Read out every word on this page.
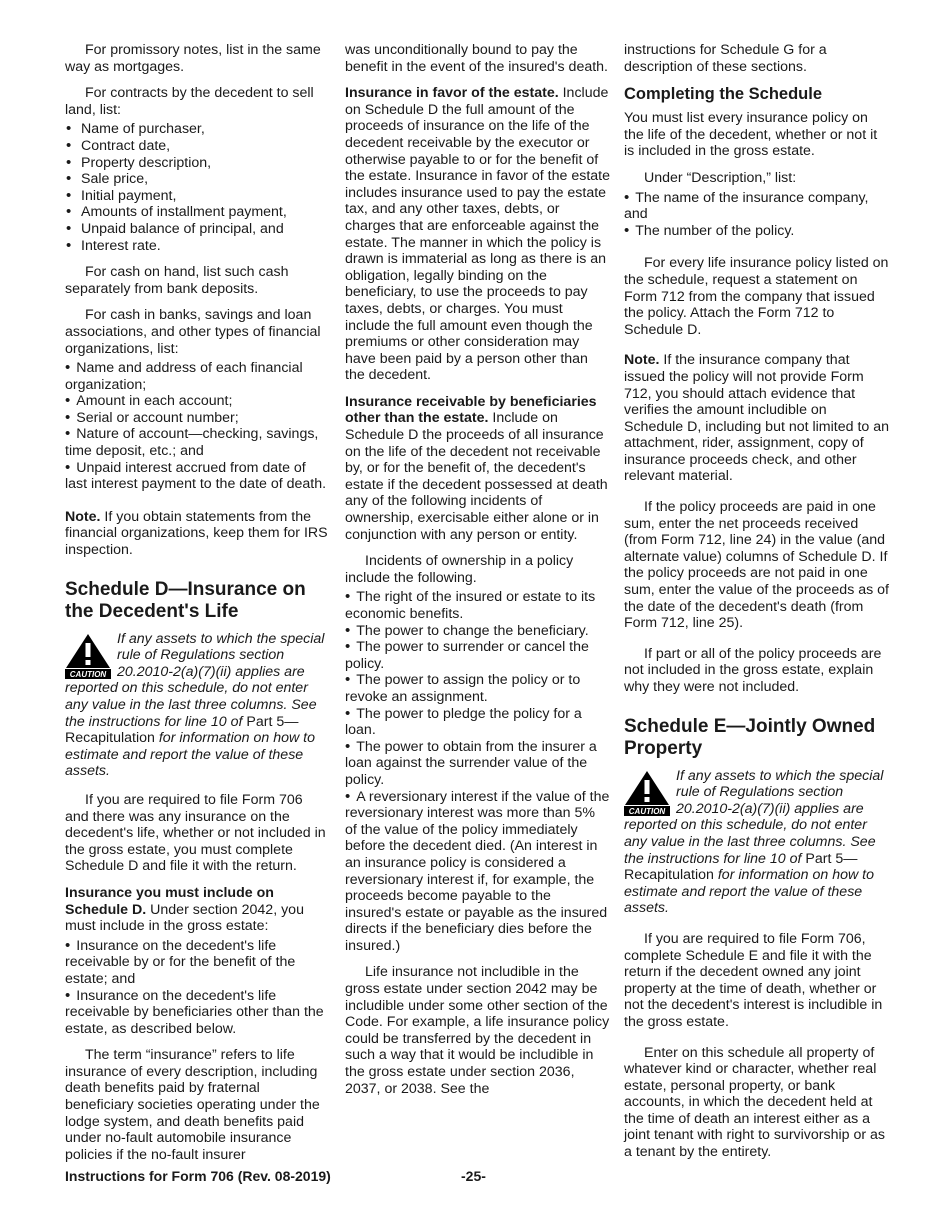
For promissory notes, list in the same way as mortgages.

For contracts by the decedent to sell land, list:

• Name of purchaser,
• Contract date,
• Property description,
• Sale price,
• Initial payment,
• Amounts of installment payment,
• Unpaid balance of principal, and
• Interest rate.

For cash on hand, list such cash separately from bank deposits.

For cash in banks, savings and loan associations, and other types of financial organizations, list:

• Name and address of each financial organization;
• Amount in each account;
• Serial or account number;
• Nature of account—checking, savings, time deposit, etc.; and
• Unpaid interest accrued from date of last interest payment to the date of death.

Note. If you obtain statements from the financial organizations, keep them for IRS inspection.

Schedule D—Insurance on the Decedent's Life
CAUTION
If any assets to which the special rule of Regulations section 20.2010-2(a)(7)(ii) applies are reported on this schedule, do not enter any value in the last three columns. See the instructions for line 10 of Part 5—Recapitulation for information on how to estimate and report the value of these assets.

If you are required to file Form 706 and there was any insurance on the decedent's life, whether or not included in the gross estate, you must complete Schedule D and file it with the return.

Insurance you must include on Schedule D. Under section 2042, you must include in the gross estate:

• Insurance on the decedent's life receivable by or for the benefit of the estate; and
• Insurance on the decedent's life receivable by beneficiaries other than the estate, as described below.

The term “insurance” refers to life insurance of every description, including death benefits paid by fraternal beneficiary societies operating under the lodge system, and death benefits paid under no-fault automobile insurance policies if the no-fault insurer

was unconditionally bound to pay the benefit in the event of the insured's death.

Insurance in favor of the estate. Include on Schedule D the full amount of the proceeds of insurance on the life of the decedent receivable by the executor or otherwise payable to or for the benefit of the estate. Insurance in favor of the estate includes insurance used to pay the estate tax, and any other taxes, debts, or charges that are enforceable against the estate. The manner in which the policy is drawn is immaterial as long as there is an obligation, legally binding on the beneficiary, to use the proceeds to pay taxes, debts, or charges. You must include the full amount even though the premiums or other consideration may have been paid by a person other than the decedent.

Insurance receivable by beneficiaries other than the estate. Include on Schedule D the proceeds of all insurance on the life of the decedent not receivable by, or for the benefit of, the decedent's estate if the decedent possessed at death any of the following incidents of ownership, exercisable either alone or in conjunction with any person or entity.

Incidents of ownership in a policy include the following.

• The right of the insured or estate to its economic benefits.
• The power to change the beneficiary.
• The power to surrender or cancel the policy.
• The power to assign the policy or to revoke an assignment.
• The power to pledge the policy for a loan.
• The power to obtain from the insurer a loan against the surrender value of the policy.
• A reversionary interest if the value of the reversionary interest was more than 5% of the value of the policy immediately before the decedent died. (An interest in an insurance policy is considered a reversionary interest if, for example, the proceeds become payable to the insured's estate or payable as the insured directs if the beneficiary dies before the insured.)

Life insurance not includible in the gross estate under section 2042 may be includible under some other section of the Code. For example, a life insurance policy could be transferred by the decedent in such a way that it would be includible in the gross estate under section 2036, 2037, or 2038. See the

instructions for Schedule G for a description of these sections.

Completing the Schedule

You must list every insurance policy on the life of the decedent, whether or not it is included in the gross estate.

Under “Description,” list:

• The name of the insurance company, and
• The number of the policy.

For every life insurance policy listed on the schedule, request a statement on Form 712 from the company that issued the policy. Attach the Form 712 to Schedule D.

Note. If the insurance company that issued the policy will not provide Form 712, you should attach evidence that verifies the amount includible on Schedule D, including but not limited to an attachment, rider, assignment, copy of insurance proceeds check, and other relevant material.

If the policy proceeds are paid in one sum, enter the net proceeds received (from Form 712, line 24) in the value (and alternate value) columns of Schedule D. If the policy proceeds are not paid in one sum, enter the value of the proceeds as of the date of the decedent's death (from Form 712, line 25).

If part or all of the policy proceeds are not included in the gross estate, explain why they were not included.

Schedule E—Jointly Owned Property
CAUTION
If any assets to which the special rule of Regulations section 20.2010-2(a)(7)(ii) applies are reported on this schedule, do not enter any value in the last three columns. See the instructions for line 10 of Part 5—Recapitulation for information on how to estimate and report the value of these assets.

If you are required to file Form 706, complete Schedule E and file it with the return if the decedent owned any joint property at the time of death, whether or not the decedent's interest is includible in the gross estate.

Enter on this schedule all property of whatever kind or character, whether real estate, personal property, or bank accounts, in which the decedent held at the time of death an interest either as a joint tenant with right to survivorship or as a tenant by the entirety.

Instructions for Form 706 (Rev. 08-2019)	-25-
